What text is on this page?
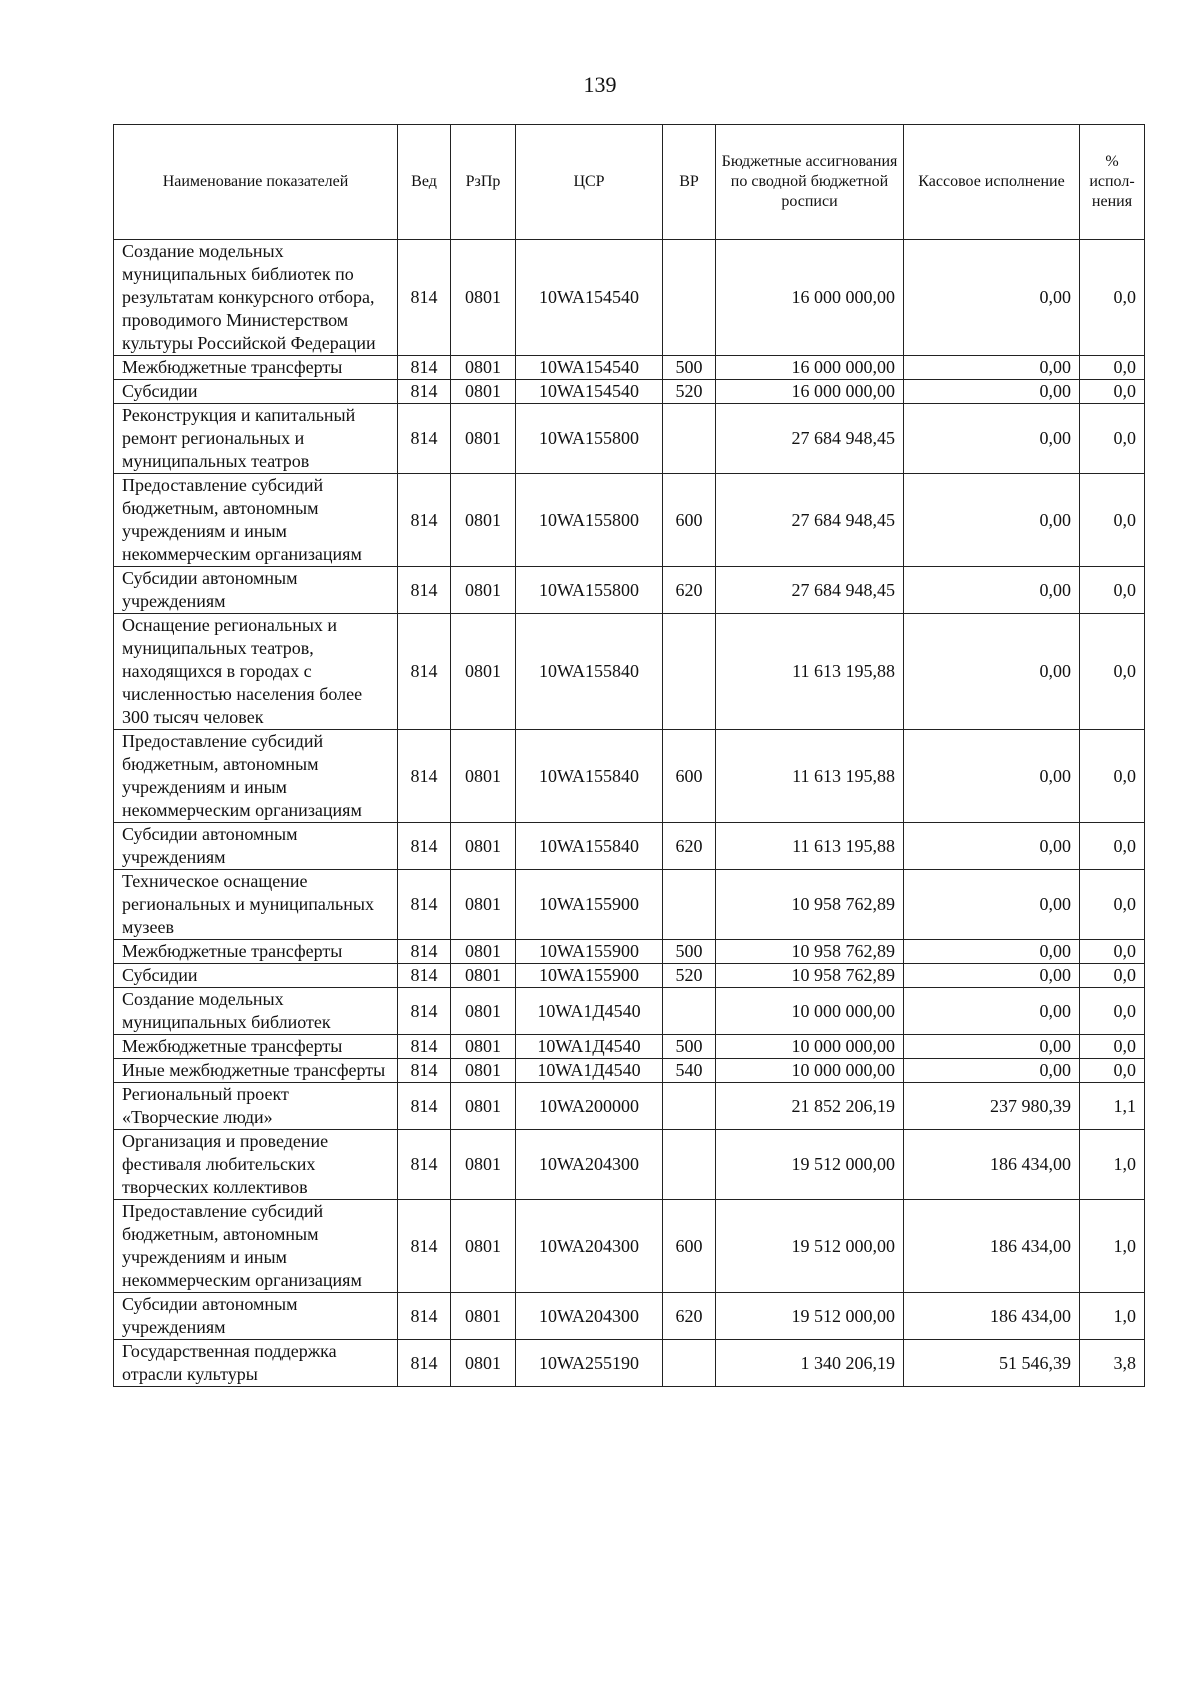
139
Наименование показателей	Вед	РзПр	ЦСР	ВР	Бюджетные ассигнования по сводной бюджетной росписи	Кассовое исполнение	% испол-нения
Создание модельных муниципальных библиотек по результатам конкурсного отбора, проводимого Министерством культуры Российской Федерации	814	0801	10WA154540		16 000 000,00	0,00	0,0
Межбюджетные трансферты	814	0801	10WA154540	500	16 000 000,00	0,00	0,0
Субсидии	814	0801	10WA154540	520	16 000 000,00	0,00	0,0
Реконструкция и капитальный ремонт региональных и муниципальных театров	814	0801	10WA155800		27 684 948,45	0,00	0,0
Предоставление субсидий бюджетным, автономным учреждениям и иным некоммерческим организациям	814	0801	10WA155800	600	27 684 948,45	0,00	0,0
Субсидии автономным учреждениям	814	0801	10WA155800	620	27 684 948,45	0,00	0,0
Оснащение региональных и муниципальных театров, находящихся в городах с численностью населения более 300 тысяч человек	814	0801	10WA155840		11 613 195,88	0,00	0,0
Предоставление субсидий бюджетным, автономным учреждениям и иным некоммерческим организациям	814	0801	10WA155840	600	11 613 195,88	0,00	0,0
Субсидии автономным учреждениям	814	0801	10WA155840	620	11 613 195,88	0,00	0,0
Техническое оснащение региональных и муниципальных музеев	814	0801	10WA155900		10 958 762,89	0,00	0,0
Межбюджетные трансферты	814	0801	10WA155900	500	10 958 762,89	0,00	0,0
Субсидии	814	0801	10WA155900	520	10 958 762,89	0,00	0,0
Создание модельных муниципальных библиотек	814	0801	10WA1Д4540		10 000 000,00	0,00	0,0
Межбюджетные трансферты	814	0801	10WA1Д4540	500	10 000 000,00	0,00	0,0
Иные межбюджетные трансферты	814	0801	10WA1Д4540	540	10 000 000,00	0,00	0,0
Региональный проект «Творческие люди»	814	0801	10WA200000		21 852 206,19	237 980,39	1,1
Организация и проведение фестиваля любительских творческих коллективов	814	0801	10WA204300		19 512 000,00	186 434,00	1,0
Предоставление субсидий бюджетным, автономным учреждениям и иным некоммерческим организациям	814	0801	10WA204300	600	19 512 000,00	186 434,00	1,0
Субсидии автономным учреждениям	814	0801	10WA204300	620	19 512 000,00	186 434,00	1,0
Государственная поддержка отрасли культуры	814	0801	10WA255190		1 340 206,19	51 546,39	3,8
